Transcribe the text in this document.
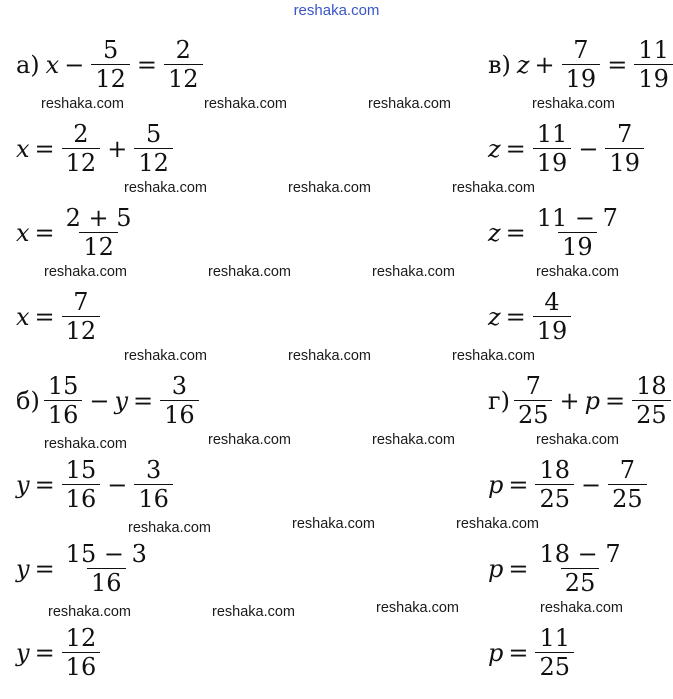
reshaka.com
а) $x - \frac{5}{12} = \frac{2}{12}$
$x = \frac{2}{12} + \frac{5}{12}$
$x = \frac{2 + 5}{12}$
$x = \frac{7}{12}$
$б) \frac{15}{16} - y = \frac{3}{16}$
$y = \frac{15}{16} - \frac{3}{16}$
$y = \frac{15 - 3}{16}$
$y = \frac{12}{16}$
в) $z + \frac{7}{19} = \frac{11}{19}$
$z = \frac{11}{19} - \frac{7}{19}$
$z = \frac{11 - 7}{19}$
$z = \frac{4}{19}$
$г) \frac{7}{25} + p = \frac{18}{25}$
$p = \frac{18}{25} - \frac{7}{25}$
$p = \frac{18 - 7}{25}$
$p = \frac{11}{25}$
reshaka.com	reshaka.com	reshaka.com	reshaka.com
reshaka.com	reshaka.com	reshaka.com
reshaka.com	reshaka.com	reshaka.com	reshaka.com
reshaka.com	reshaka.com	reshaka.com
reshaka.com	reshaka.com	reshaka.com	reshaka.com
reshaka.com	reshaka.com	reshaka.com
reshaka.com	reshaka.com	reshaka.com	reshaka.com
